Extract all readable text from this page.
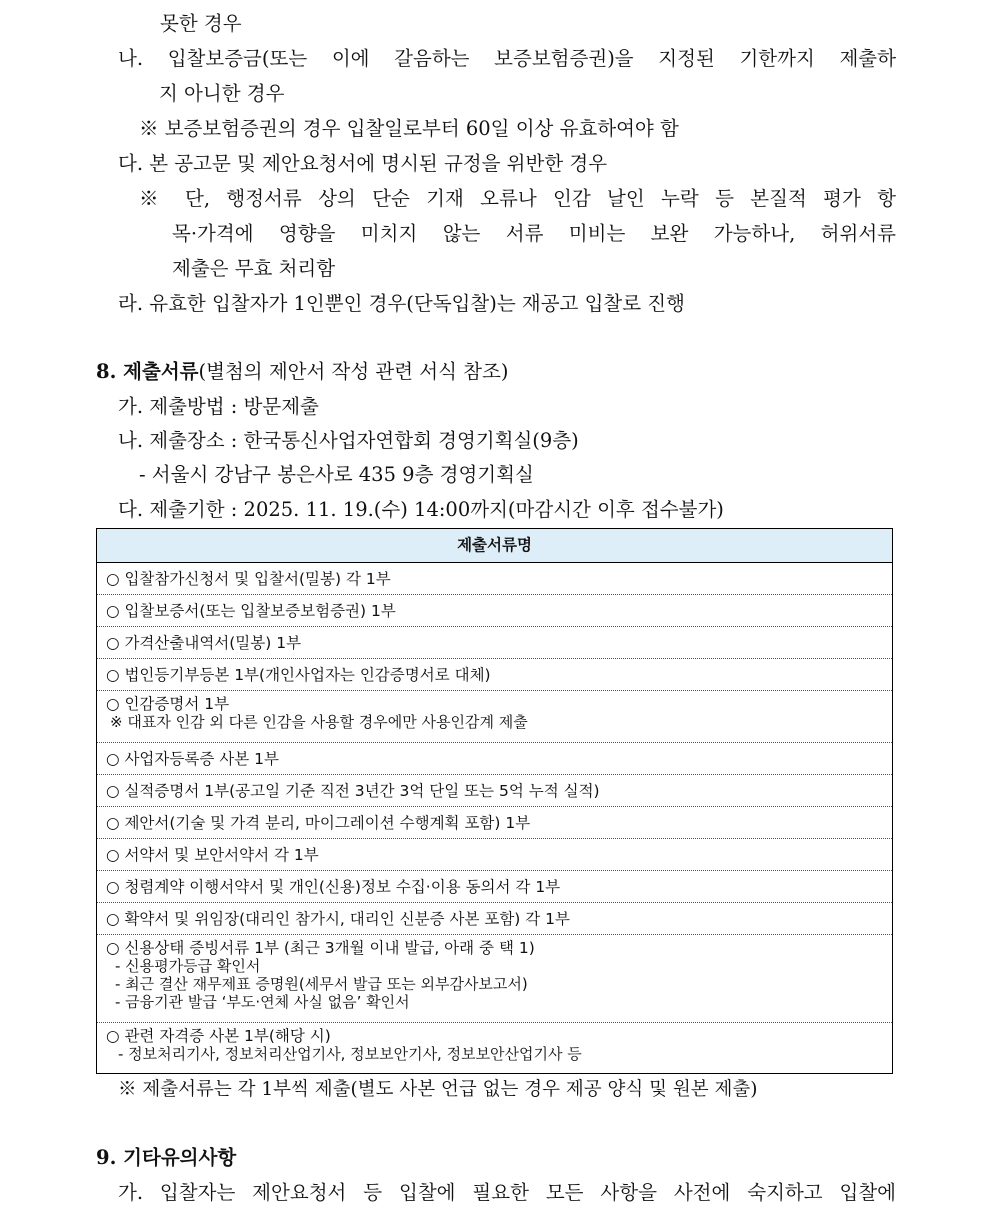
못한 경우
나. 입찰보증금(또는 이에 갈음하는 보증보험증권)을 지정된 기한까지 제출하
지 아니한 경우
※ 보증보험증권의 경우 입찰일로부터 60일 이상 유효하여야 함
다. 본 공고문 및 제안요청서에 명시된 규정을 위반한 경우
※ 단, 행정서류 상의 단순 기재 오류나 인감 날인 누락 등 본질적 평가 항
목·가격에 영향을 미치지 않는 서류 미비는 보완 가능하나, 허위서류
제출은 무효 처리함
라. 유효한 입찰자가 1인뿐인 경우(단독입찰)는 재공고 입찰로 진행
8. 제출서류(별첨의 제안서 작성 관련 서식 참조)
가. 제출방법 : 방문제출
나. 제출장소 : 한국통신사업자연합회 경영기획실(9층)
- 서울시 강남구 봉은사로 435 9층 경영기획실
다. 제출기한 : 2025. 11. 19.(수) 14:00까지(마감시간 이후 접수불가)
제출서류명
○ 입찰참가신청서 및 입찰서(밀봉) 각 1부
○ 입찰보증서(또는 입찰보증보험증권) 1부
○ 가격산출내역서(밀봉) 1부
○ 법인등기부등본 1부(개인사업자는 인감증명서로 대체)
○ 인감증명서 1부
※ 대표자 인감 외 다른 인감을 사용할 경우에만 사용인감계 제출
○ 사업자등록증 사본 1부
○ 실적증명서 1부(공고일 기준 직전 3년간 3억 단일 또는 5억 누적 실적)
○ 제안서(기술 및 가격 분리, 마이그레이션 수행계획 포함) 1부
○ 서약서 및 보안서약서 각 1부
○ 청렴계약 이행서약서 및 개인(신용)정보 수집·이용 동의서 각 1부
○ 확약서 및 위임장(대리인 참가시, 대리인 신분증 사본 포함) 각 1부
○ 신용상태 증빙서류 1부 (최근 3개월 이내 발급, 아래 중 택 1)
- 신용평가등급 확인서
- 최근 결산 재무제표 증명원(세무서 발급 또는 외부감사보고서)
- 금융기관 발급 ‘부도·연체 사실 없음’ 확인서
○ 관련 자격증 사본 1부(해당 시)
- 정보처리기사, 정보처리산업기사, 정보보안기사, 정보보안산업기사 등
※ 제출서류는 각 1부씩 제출(별도 사본 언급 없는 경우 제공 양식 및 원본 제출)
9. 기타유의사항
가. 입찰자는 제안요청서 등 입찰에 필요한 모든 사항을 사전에 숙지하고 입찰에
